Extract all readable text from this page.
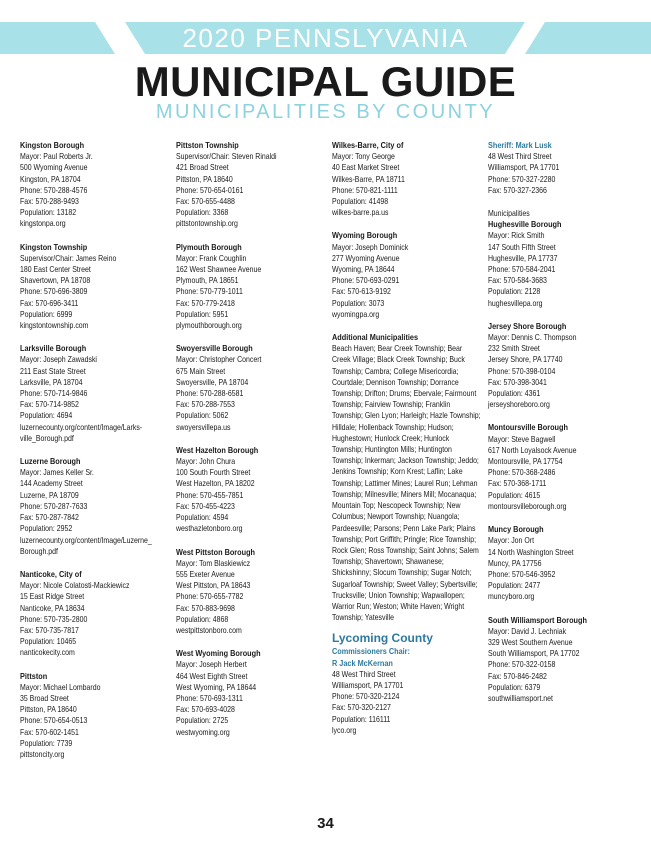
2020 PENNSLYVANIA
MUNICIPAL GUIDE
MUNICIPALITIES BY COUNTY
Kingston Borough
Mayor: Paul Roberts Jr.
500 Wyoming Avenue
Kingston, PA 18704
Phone: 570-288-4576
Fax: 570-288-9493
Population: 13182
kingstonpa.org
Kingston Township
Supervisor/Chair: James Reino
180 East Center Street
Shavertown, PA 18708
Phone: 570-696-3809
Fax: 570-696-3411
Population: 6999
kingstontownship.com
Larksville Borough
Mayor: Joseph Zawadski
211 East State Street
Larksville, PA 18704
Phone: 570-714-9846
Fax: 570-714-9852
Population: 4694
luzernecounty.org/content/Image/Larks-
ville_Borough.pdf
Luzerne Borough
Mayor: James Keller Sr.
144 Academy Street
Luzerne, PA 18709
Phone: 570-287-7633
Fax: 570-287-7842
Population: 2952
luzernecounty.org/content/Image/Luzerne_
Borough.pdf
Nanticoke, City of
Mayor: Nicole Colatosti-Mackiewicz
15 East Ridge Street
Nanticoke, PA 18634
Phone: 570-735-2800
Fax: 570-735-7817
Population: 10465
nanticokecity.com
Pittston
Mayor: Michael Lombardo
35 Broad Street
Pittston, PA 18640
Phone: 570-654-0513
Fax: 570-602-1451
Population: 7739
pittstoncity.org
Pittston Township
Supervisor/Chair: Steven Rinaldi
421 Broad Street
Pittston, PA 18640
Phone: 570-654-0161
Fax: 570-655-4488
Population: 3368
pittstontownship.org
Plymouth Borough
Mayor: Frank Coughlin
162 West Shawnee Avenue
Plymouth, PA 18651
Phone: 570-779-1011
Fax: 570-779-2418
Population: 5951
plymouthborough.org
Swoyersville Borough
Mayor: Christopher Concert
675 Main Street
Swoyersville, PA 18704
Phone: 570-288-6581
Fax: 570-288-7553
Population: 5062
swoyersvillepa.us
West Hazelton Borough
Mayor: John Chura
100 South Fourth Street
West Hazelton, PA 18202
Phone: 570-455-7851
Fax: 570-455-4223
Population: 4594
westhazletonboro.org
West Pittston Borough
Mayor: Tom Blaskiewicz
555 Exeter Avenue
West Pittston, PA 18643
Phone: 570-655-7782
Fax: 570-883-9698
Population: 4868
westpittstonboro.com
West Wyoming Borough
Mayor: Joseph Herbert
464 West Eighth Street
West Wyoming, PA 18644
Phone: 570-693-1311
Fax: 570-693-4028
Population: 2725
westwyoming.org
Wilkes-Barre, City of
Mayor: Tony George
40 East Market Street
Wilkes-Barre, PA 18711
Phone: 570-821-1111
Population: 41498
wilkes-barre.pa.us
Wyoming Borough
Mayor: Joseph Dominick
277 Wyoming Avenue
Wyoming, PA 18644
Phone: 570-693-0291
Fax: 570-613-9192
Population: 3073
wyomingpa.org
Additional Municipalities
Beach Haven; Bear Creek Township; Bear Creek Village; Black Creek Township; Buck Township; Cambra; College Misericordia; Courtdale; Dennison Township; Dorrance Township; Drifton; Drums; Ebervale; Fairmount Township; Fairview Township; Franklin Township; Glen Lyon; Harleigh; Hazle Township; Hilldale; Hollenback Township; Hudson; Hughestown; Hunlock Creek; Hunlock Township; Huntington Mills; Huntington Township; Inkerman; Jackson Township; Jeddo; Jenkins Township; Korn Krest; Laflin; Lake Township; Lattimer Mines; Laurel Run; Lehman Township; Milnesville; Miners Mill; Mocanaqua; Mountain Top; Nescopeck Township; New Columbus; Newport Township; Nuangola; Pardeesville; Parsons; Penn Lake Park; Plains Township; Port Griffith; Pringle; Rice Township; Rock Glen; Ross Township; Saint Johns; Salem Township; Shavertown; Shawanese; Shickshinny; Slocum Township; Sugar Notch; Sugarloaf Township; Sweet Valley; Sybertsville; Trucksville; Union Township; Wapwallopen; Warrior Run; Weston; White Haven; Wright Township; Yatesville
Lycoming County
Commissioners Chair:
R Jack McKernan
48 West Third Street
Williamsport, PA 17701
Phone: 570-320-2124
Fax: 570-320-2127
Population: 116111
lyco.org
Sheriff: Mark Lusk
48 West Third Street
Williamsport, PA 17701
Phone: 570-327-2280
Fax: 570-327-2366
Municipalities
Hughesville Borough
Mayor: Rick Smith
147 South Fifth Street
Hughesville, PA 17737
Phone: 570-584-2041
Fax: 570-584-3683
Population: 2128
hughesvillepa.org
Jersey Shore Borough
Mayor: Dennis C. Thompson
232 Smith Street
Jersey Shore, PA 17740
Phone: 570-398-0104
Fax: 570-398-3041
Population: 4361
jerseyshoreboro.org
Montoursville Borough
Mayor: Steve Bagwell
617 North Loyalsock Avenue
Montoursville, PA 17754
Phone: 570-368-2486
Fax: 570-368-1711
Population: 4615
montoursvilleborough.org
Muncy Borough
Mayor: Jon Ort
14 North Washington Street
Muncy, PA 17756
Phone: 570-546-3952
Population: 2477
muncyboro.org
South Williamsport Borough
Mayor: David J. Lechniak
329 West Southern Avenue
South Williamsport, PA 17702
Phone: 570-322-0158
Fax: 570-846-2482
Population: 6379
southwilliamsport.net
34
